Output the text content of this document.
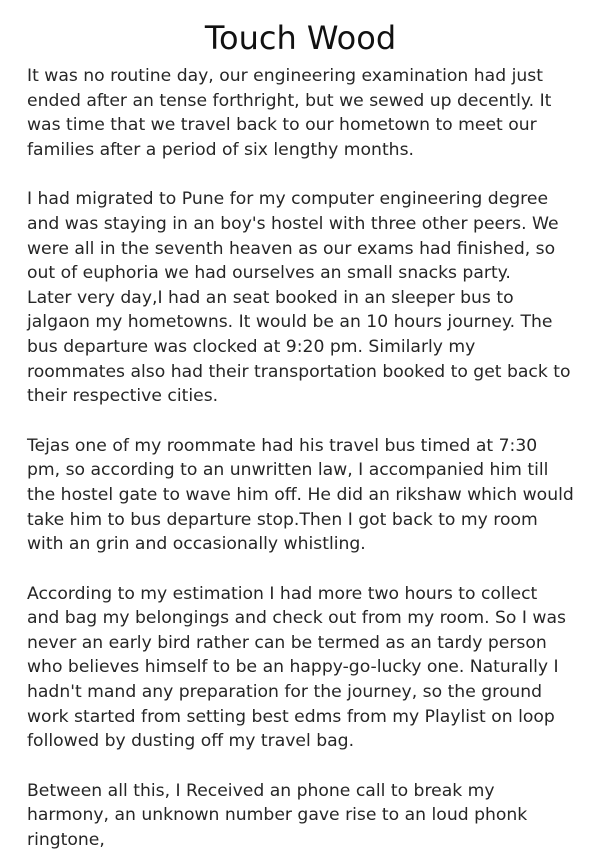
Touch Wood

It was no routine day, our engineering examination had just ended after an tense forthright, but we sewed up decently. It was time that we travel back to our hometown to meet our families after a period of six lengthy months.

I had migrated to Pune for my computer engineering degree and was staying in an boy's hostel with three other peers. We were all in the seventh heaven as our exams had finished, so out of euphoria we had ourselves an small snacks party.

Later very day,I had an seat booked in an sleeper bus to jalgaon my hometowns. It would be an 10 hours journey. The bus departure was clocked at 9:20 pm. Similarly my roommates also had their transportation booked to get back to their respective cities.

Tejas one of my roommate had his travel bus timed at 7:30 pm, so according to an unwritten law, I accompanied him till the hostel gate to wave him off. He did an rikshaw which would take him to bus departure stop.Then I got back to my room with an grin and occasionally whistling.

According to my estimation I had more two hours to collect and bag my belongings and check out from my room. So I was never an early bird rather can be termed as an tardy person who believes himself to be an happy-go-lucky one. Naturally I hadn't mand any preparation for the journey, so the ground work started from setting best edms from my Playlist on loop followed by dusting off my travel bag.

Between all this, I Received an phone call to break my harmony, an unknown number gave rise to an loud phonk ringtone,
